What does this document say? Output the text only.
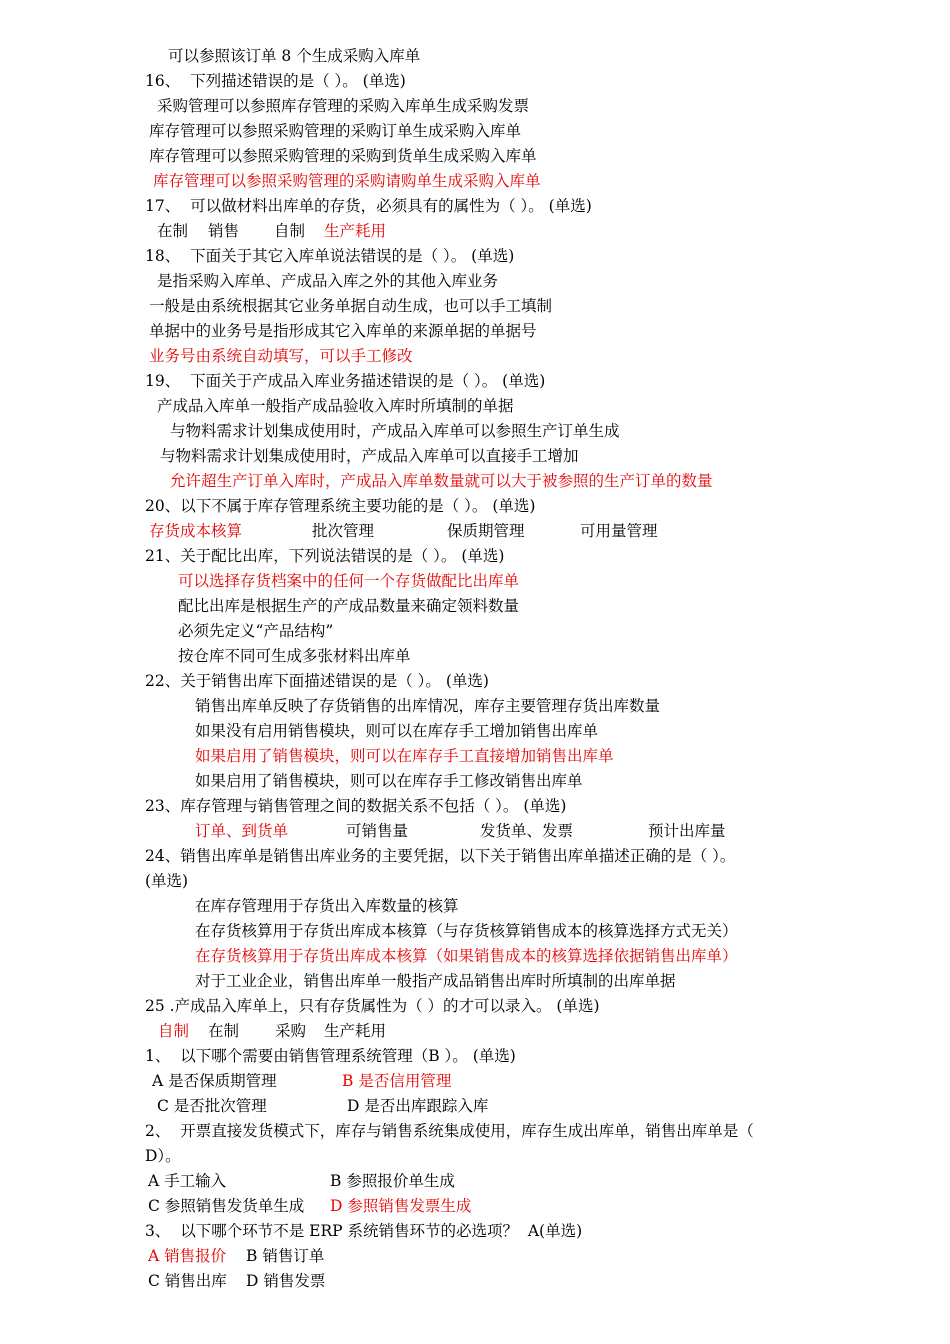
可以参照该订单 8 个生成采购入库单
16、  下列描述错误的是（ ）。 (单选)
采购管理可以参照库存管理的采购入库单生成采购发票
库存管理可以参照采购管理的采购订单生成采购入库单
库存管理可以参照采购管理的采购到货单生成采购入库单
库存管理可以参照采购管理的采购请购单生成采购入库单
17、  可以做材料出库单的存货，必须具有的属性为（ ）。 (单选)
在制 销售 自制 生产耗用
18、  下面关于其它入库单说法错误的是（ ）。 (单选)
是指采购入库单、产成品入库之外的其他入库业务
一般是由系统根据其它业务单据自动生成，也可以手工填制
单据中的业务号是指形成其它入库单的来源单据的单据号
业务号由系统自动填写，可以手工修改
19、  下面关于产成品入库业务描述错误的是（ ）。 (单选)
产成品入库单一般指产成品验收入库时所填制的单据
与物料需求计划集成使用时，产成品入库单可以参照生产订单生成
与物料需求计划集成使用时，产成品入库单可以直接手工增加
允许超生产订单入库时，产成品入库单数量就可以大于被参照的生产订单的数量
20、以下不属于库存管理系统主要功能的是（ ）。 (单选)
存货成本核算	批次管理	保质期管理	可用量管理
21、关于配比出库，下列说法错误的是（ ）。 (单选)
可以选择存货档案中的任何一个存货做配比出库单
配比出库是根据生产的产成品数量来确定领料数量
必须先定义“产品结构”
按仓库不同可生成多张材料出库单
22、关于销售出库下面描述错误的是（ ）。 (单选)
销售出库单反映了存货销售的出库情况，库存主要管理存货出库数量
如果没有启用销售模块，则可以在库存手工增加销售出库单
如果启用了销售模块，则可以在库存手工直接增加销售出库单
如果启用了销售模块，则可以在库存手工修改销售出库单
23、库存管理与销售管理之间的数据关系不包括（ ）。 (单选)
订单、到货单	可销售量	发货单、发票	预计出库量
24、销售出库单是销售出库业务的主要凭据，以下关于销售出库单描述正确的是（ ）。
(单选)
在库存管理用于存货出入库数量的核算
在存货核算用于存货出库成本核算（与存货核算销售成本的核算选择方式无关）
在存货核算用于存货出库成本核算（如果销售成本的核算选择依据销售出库单）
对于工业企业，销售出库单一般指产成品销售出库时所填制的出库单据
25 .产成品入库单上，只有存货属性为（ ）的才可以录入。 (单选)
自制 在制 采购 生产耗用
1、  以下哪个需要由销售管理系统管理（B ）。 (单选)
A 是否保质期管理	B 是否信用管理
C 是否批次管理	D 是否出库跟踪入库
2、  开票直接发货模式下，库存与销售系统集成使用，库存生成出库单，销售出库单是（
D）。
A 手工输入	B 参照报价单生成
C 参照销售发货单生成 D 参照销售发票生成
3、  以下哪个环节不是 ERP 系统销售环节的必选项？  A(单选)
A 销售报价 B 销售订单
C 销售出库 D 销售发票
